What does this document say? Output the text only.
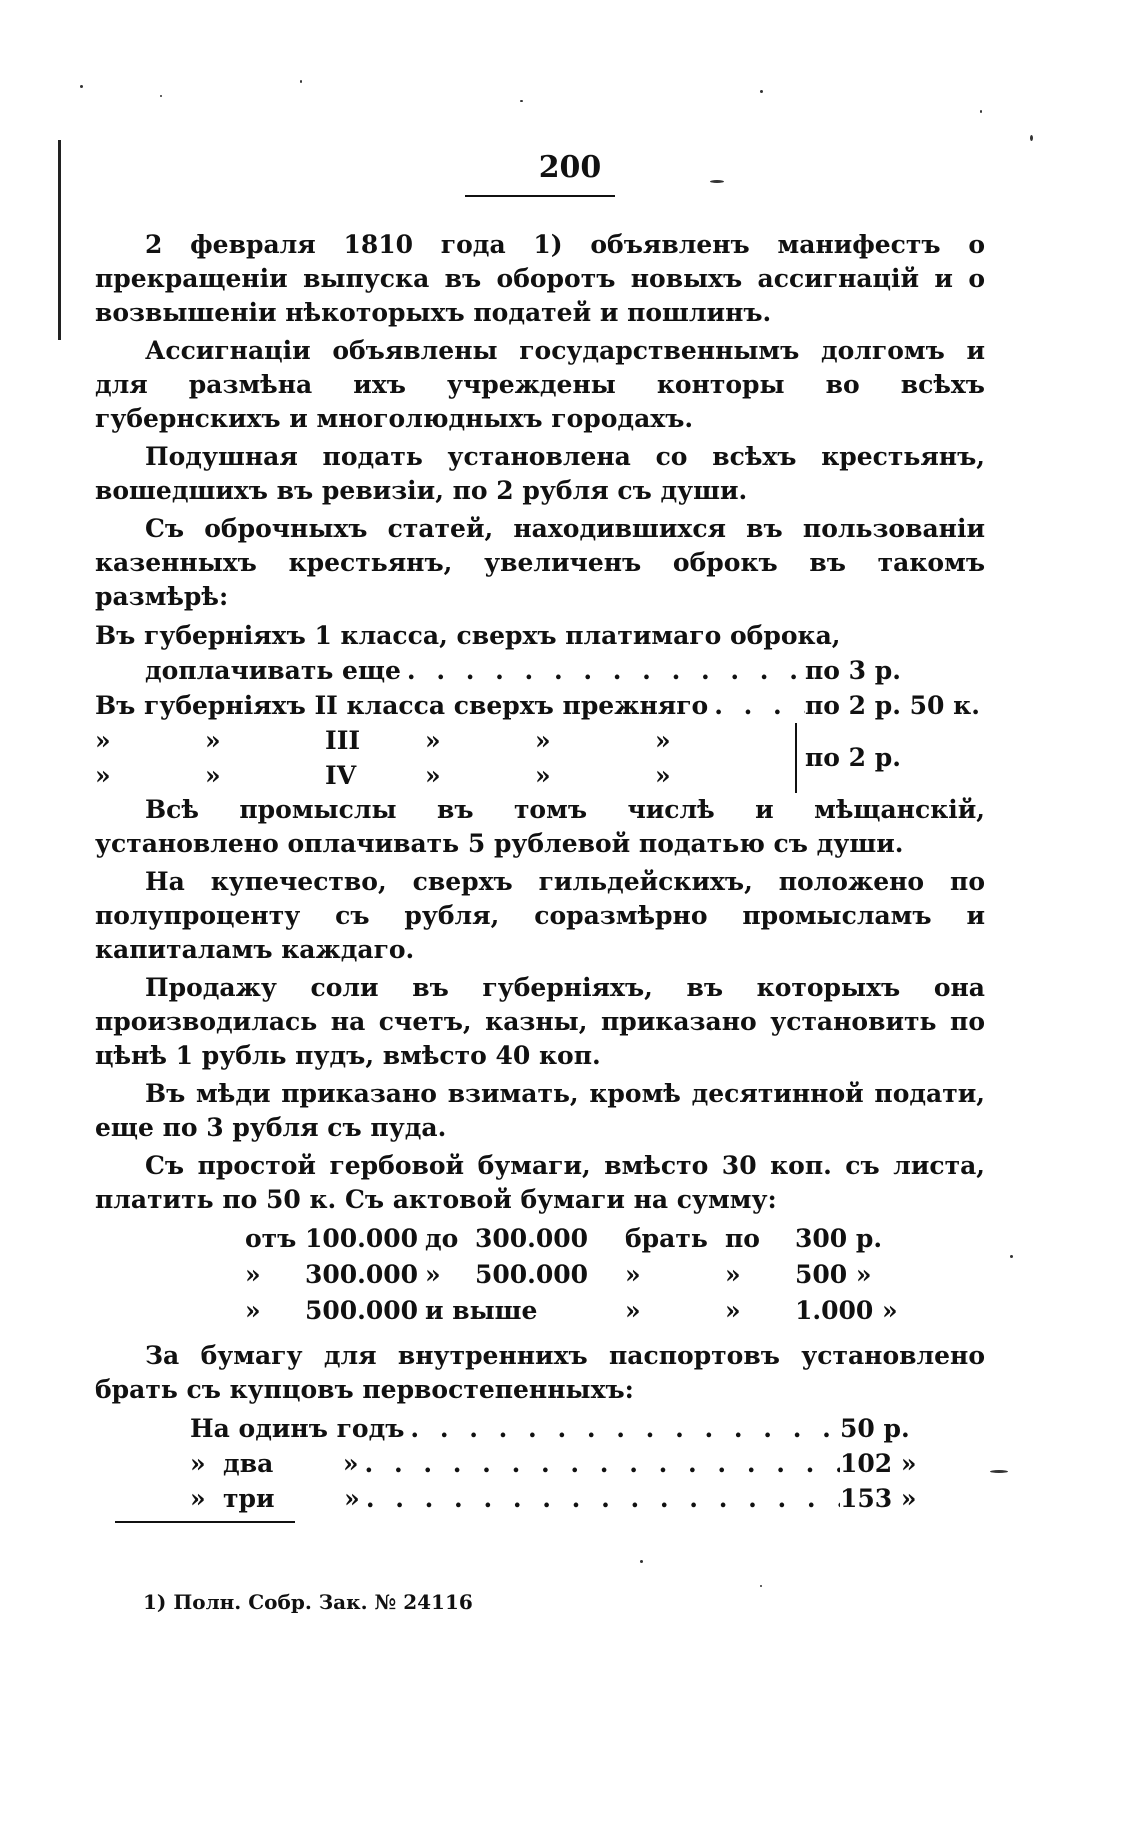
200

2 февраля 1810 года 1) объявленъ манифестъ о прекращеніи выпуска въ оборотъ новыхъ ассигнацій и о возвышеніи нѣкоторыхъ податей и пошлинъ.

Ассигнаціи объявлены государственнымъ долгомъ и для размѣна ихъ учреждены конторы во всѣхъ губернскихъ и многолюдныхъ городахъ.

Подушная подать установлена со всѣхъ крестьянъ, вошедшихъ въ ревизіи, по 2 рубля съ души.

Съ оброчныхъ статей, находившихся въ пользованіи казенныхъ крестьянъ, увеличенъ оброкъ въ такомъ размѣрѣ:

Въ губерніяхъ 1 класса, сверхъ платимаго оброка,
доплачивать еще . . .	по 3 р.
Въ губерніяхъ II класса сверхъ прежняго . . .	по 2 р. 50 к.
»	»	III	»	»	»
»	»	IV	»	»	»
по 2 р.

Всѣ промыслы въ томъ числѣ и мѣщанскій, установлено оплачивать 5 рублевой податью съ души.

На купечество, сверхъ гильдейскихъ, положено по полупроценту съ рубля, соразмѣрно промысламъ и капиталамъ каждаго.

Продажу соли въ губерніяхъ, въ которыхъ она производилась на счетъ, казны, приказано установить по цѣнѣ 1 рубль пудъ, вмѣсто 40 коп.

Въ мѣди приказано взимать, кромѣ десятинной подати, еще по 3 рубля съ пуда.

Съ простой гербовой бумаги, вмѣсто 30 коп. съ листа, платить по 50 к. Съ актовой бумаги на сумму:

отъ 100.000 до 300.000	брать по	300 р.
»	300.000 »	500.000	»	»	500 »
»	500.000 и выше	»	»	1.000 »

За бумагу для внутреннихъ паспортовъ установлено брать съ купцовъ первостепенныхъ:

На одинъ годъ . . .	50 р.
»  два        » . . .	102 »
»  три        » . . .	153 »
1) Полн. Собр. Зак. № 24116
